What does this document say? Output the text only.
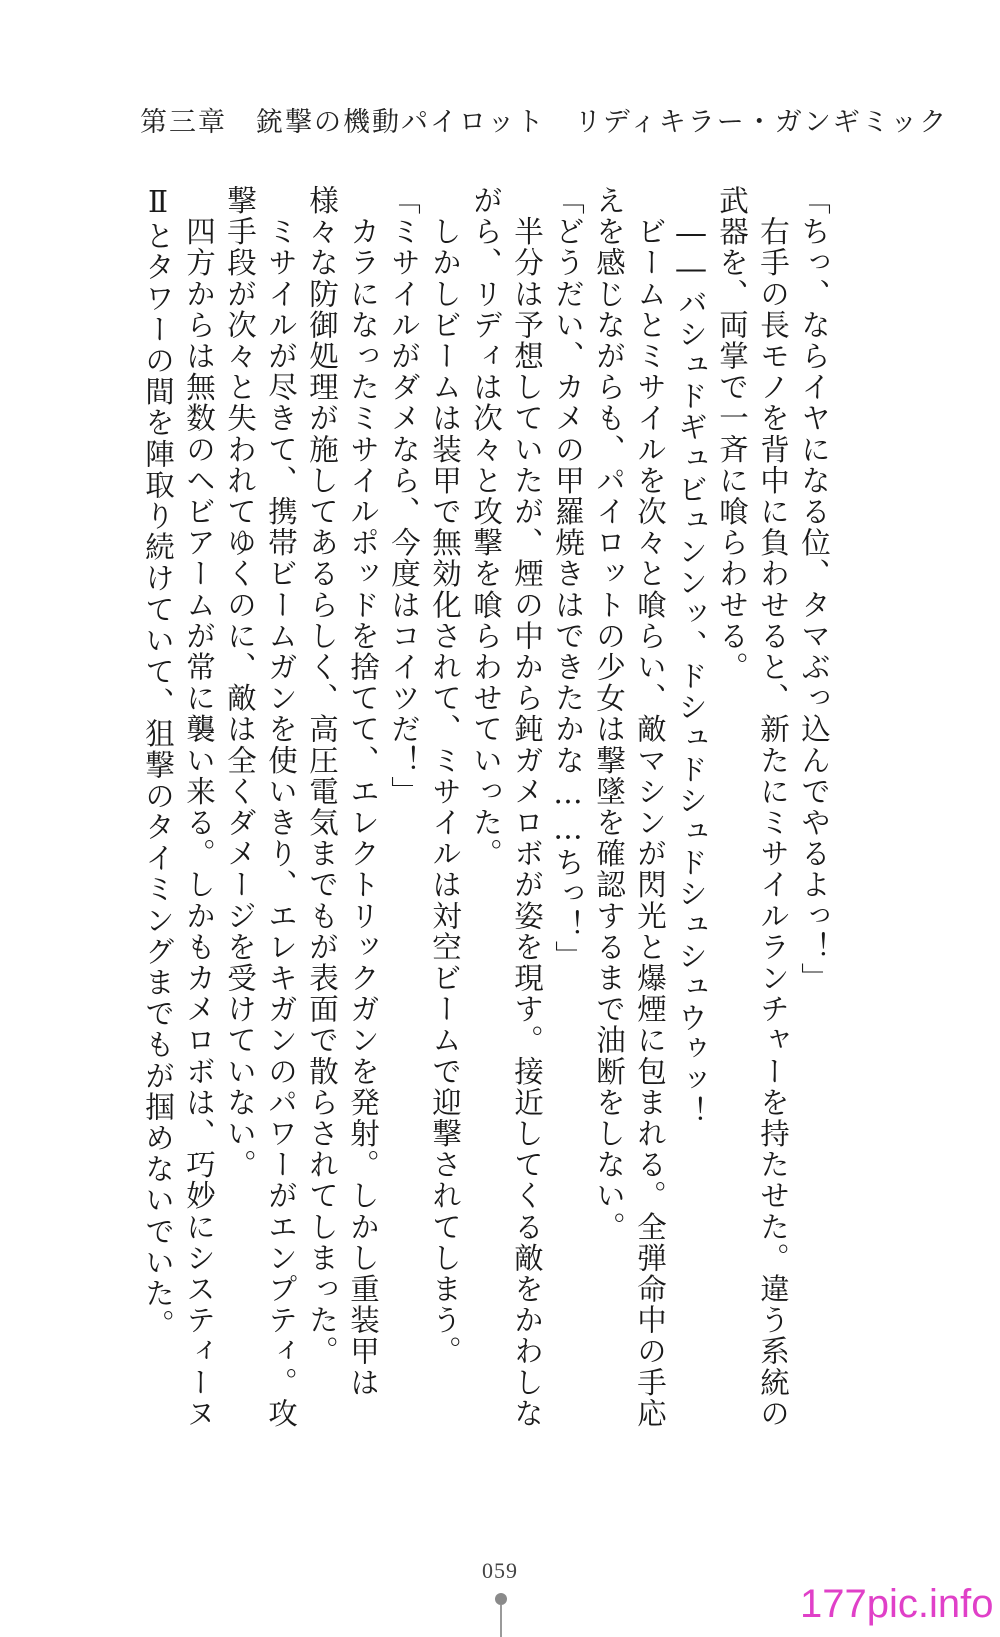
第三章　銃撃の機動パイロット　リディキラー・ガンギミック
「ちっ、ならイヤになる位、タマぶっ込んでやるよっ！」
　右手の長モノを背中に負わせると、新たにミサイルランチャーを持たせた。違う系統の
武器を、両掌で一斉に喰らわせる。
　――バシュドギュビュンンッ、ドシュドシュドシュシュウゥッ！
　ビームとミサイルを次々と喰らい、敵マシンが閃光と爆煙に包まれる。全弾命中の手応
えを感じながらも、パイロットの少女は撃墜を確認するまで油断をしない。
「どうだい、カメの甲羅焼きはできたかな……ちっ！」
　半分は予想していたが、煙の中から鈍ガメロボが姿を現す。接近してくる敵をかわしな
がら、リディは次々と攻撃を喰らわせていった。
　しかしビームは装甲で無効化されて、ミサイルは対空ビームで迎撃されてしまう。
「ミサイルがダメなら、今度はコイツだ！」
　カラになったミサイルポッドを捨てて、エレクトリックガンを発射。しかし重装甲は
様々な防御処理が施してあるらしく、高圧電気までもが表面で散らされてしまった。
　ミサイルが尽きて、携帯ビームガンを使いきり、エレキガンのパワーがエンプティ。攻
撃手段が次々と失われてゆくのに、敵は全くダメージを受けていない。
　四方からは無数のヘビアームが常に襲い来る。しかもカメロボは、巧妙にシスティーヌ
Ⅱとタワーの間を陣取り続けていて、狙撃のタイミングまでもが掴めないでいた。
059
177pic.info
